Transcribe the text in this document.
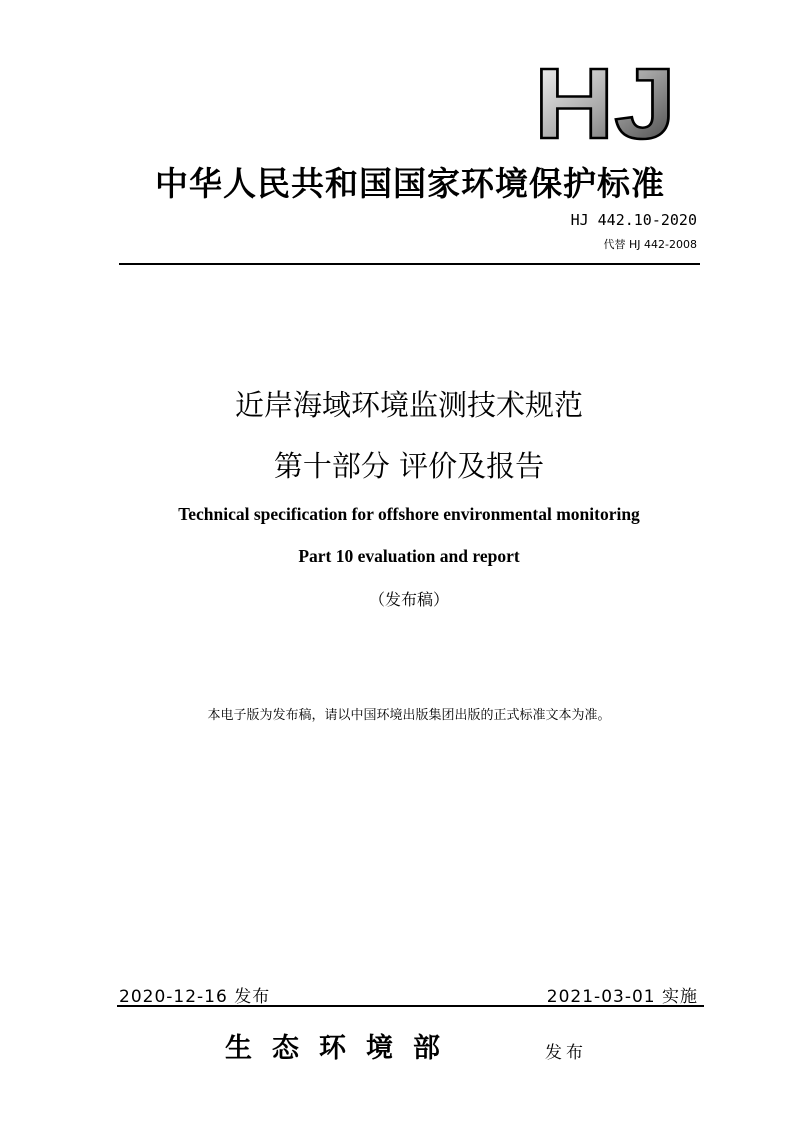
HJ
中华人民共和国国家环境保护标准
HJ 442.10-2020
代替 HJ 442-2008
近岸海域环境监测技术规范
第十部分 评价及报告
Technical specification for offshore environmental monitoring
Part 10 evaluation and report
（发布稿）
本电子版为发布稿，请以中国环境出版集团出版的正式标准文本为准。
2020-12-16 发布	2021-03-01 实施
生态环境部	发布
